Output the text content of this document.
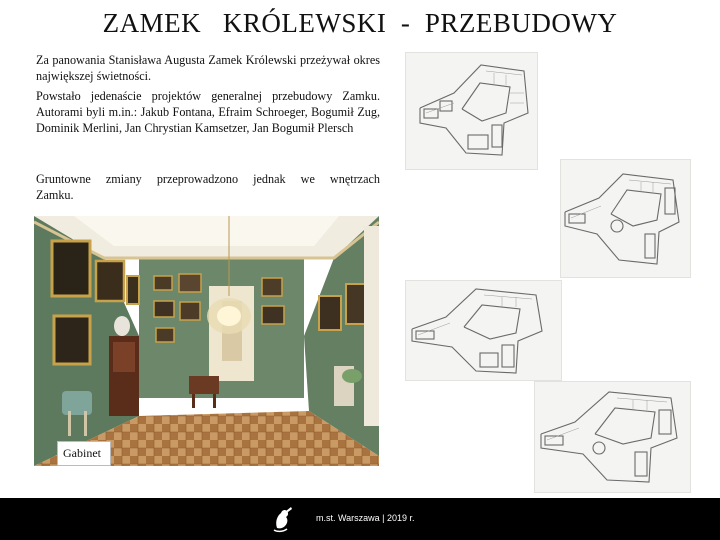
ZAMEK   KRÓLEWSKI  -  PRZEBUDOWY

Za panowania Stanisława Augusta Zamek Królewski przeżywał okres największej świetności.

Powstało jedenaście projektów generalnej przebudowy Zamku. Autorami byli m.in.: Jakub Fontana, Efraim Schroeger, Bogumił Zug, Dominik Merlini, Jan Chrystian Kamsetzer, Jan Bogumił Plersch

Gruntowne zmiany przeprowadzono jednak we wnętrzach
Zamku.

Gabinet
m.st. Warszawa | 2019 r.
